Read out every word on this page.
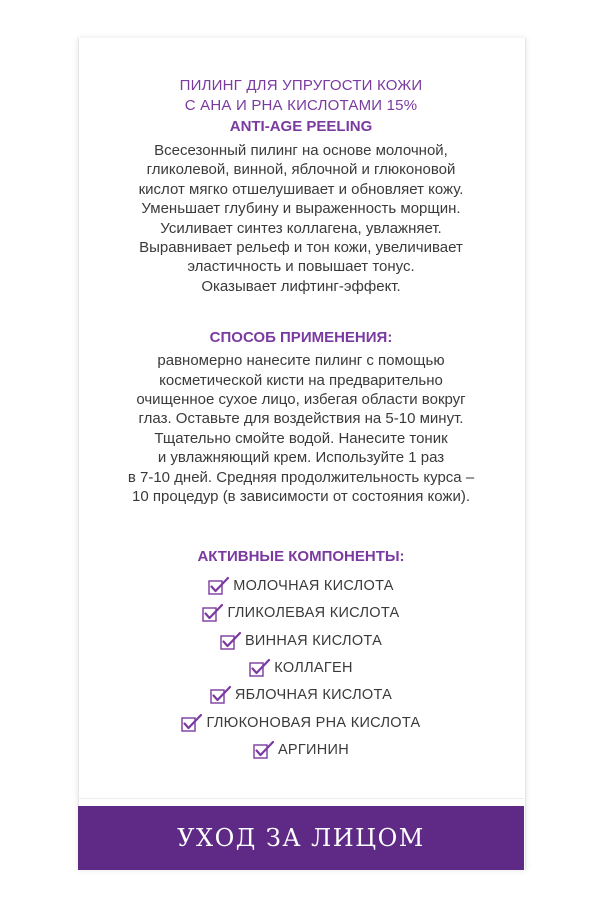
ПИЛИНГ ДЛЯ УПРУГОСТИ КОЖИ
С АНА И РНА КИСЛОТАМИ 15%
ANTI-AGE PEELING
Всесезонный пилинг на основе молочной,
гликолевой, винной, яблочной и глюконовой
кислот мягко отшелушивает и обновляет кожу.
Уменьшает глубину и выраженность морщин.
Усиливает синтез коллагена, увлажняет.
Выравнивает рельеф и тон кожи, увеличивает
эластичность и повышает тонус.
Оказывает лифтинг-эффект.
СПОСОБ ПРИМЕНЕНИЯ:
равномерно нанесите пилинг с помощью
косметической кисти на предварительно
очищенное сухое лицо, избегая области вокруг
глаз. Оставьте для воздействия на 5-10 минут.
Тщательно смойте водой. Нанесите тоник
и увлажняющий крем. Используйте 1 раз
в 7-10 дней. Средняя продолжительность курса –
10 процедур (в зависимости от состояния кожи).
АКТИВНЫЕ КОМПОНЕНТЫ:
МОЛОЧНАЯ КИСЛОТА
ГЛИКОЛЕВАЯ КИСЛОТА
ВИННАЯ КИСЛОТА
КОЛЛАГЕН
ЯБЛОЧНАЯ КИСЛОТА
ГЛЮКОНОВАЯ РНА КИСЛОТА
АРГИНИН
УХОД ЗА ЛИЦОМ
